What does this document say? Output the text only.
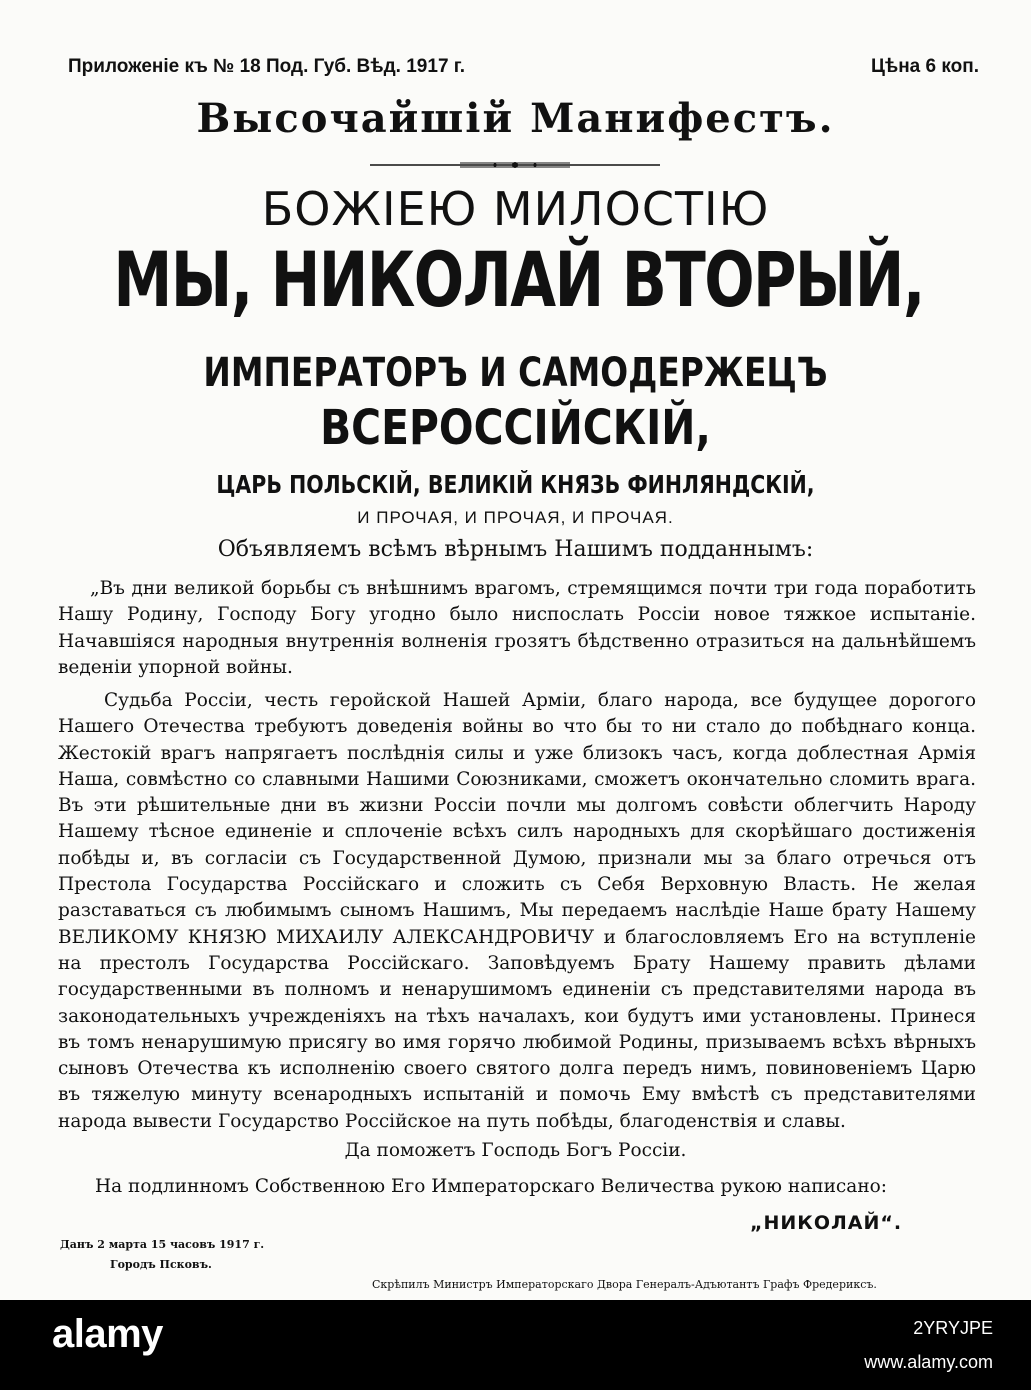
Приложенiе къ № 18 Под. Губ. Вѣд. 1917 г.	Цѣна 6 коп.
Высочайшiй Манифестъ.
БОЖIЕЮ МИЛОСТIЮ
МЫ, НИКОЛАЙ ВТОРЫЙ,
ИМПЕРАТОРЪ И САМОДЕРЖЕЦЪ
ВСЕРОССIЙСКIЙ,
ЦАРЬ ПОЛЬСКIЙ, ВЕЛИКIЙ КНЯЗЬ ФИНЛЯНДСКIЙ,
И ПРОЧАЯ, И ПРОЧАЯ, И ПРОЧАЯ.
Объявляемъ всѣмъ вѣрнымъ Нашимъ подданнымъ:
„Въ дни великой борьбы съ внѣшнимъ врагомъ, стремящимся почти три года поработить Нашу Родину, Господу Богу угодно было ниспослать Россiи новое тяжкое испытанiе. Начавшiяся народныя внутреннiя волненiя грозятъ бѣдственно отразиться на дальнѣйшемъ веденiи упорной войны.
Судьба Россiи, честь геройской Нашей Армiи, благо народа, все будущее дорогого Нашего Отечества требуютъ доведенiя войны во что бы то ни стало до побѣднаго конца. Жестокiй врагъ напрягаетъ послѣднiя силы и уже близокъ часъ, когда доблестная Армiя Наша, совмѣстно со славными Нашими Союзниками, сможетъ окончательно сломить врага. Въ эти рѣшительные дни въ жизни Россiи почли мы долгомъ совѣсти облегчить Народу Нашему тѣсное единенiе и сплоченiе всѣхъ силъ народныхъ для скорѣйшаго достиженiя побѣды и, въ согласiи съ Государственной Думою, признали мы за благо отречься отъ Престола Государства Россiйскаго и сложить съ Себя Верховную Власть. Не желая разставаться съ любимымъ сыномъ Нашимъ, Мы передаемъ наслѣдiе Наше брату Нашему ВЕЛИКОМУ КНЯЗЮ МИХАИЛУ АЛЕКСАНДРОВИЧУ и благословляемъ Его на вступленiе на престолъ Государства Россiйскаго. Заповѣдуемъ Брату Нашему править дѣлами государственными въ полномъ и ненарушимомъ единенiи съ представителями народа въ законодательныхъ учрежденiяхъ на тѣхъ началахъ, кои будутъ ими установлены. Принеся въ томъ ненарушимую присягу во имя горячо любимой Родины, призываемъ всѣхъ вѣрныхъ сыновъ Отечества къ исполненiю своего святого долга передъ нимъ, повиновенiемъ Царю въ тяжелую минуту всенародныхъ испытанiй и помочь Ему вмѣстѣ съ представителями народа вывести Государство Россiйское на путь побѣды, благоденствiя и славы.
Да поможетъ Господь Богъ Россiи.
На подлинномъ Собственною Его Императорскаго Величества рукою написано:
„НИКОЛАЙ“.
Данъ 2 марта 15 часовъ 1917 г.
Городъ Псковъ.
Скрѣпилъ Министръ Императорскаго Двора Генералъ-Адъютантъ Графъ Фредериксъ.
alamy	2YRYJPE
www.alamy.com
